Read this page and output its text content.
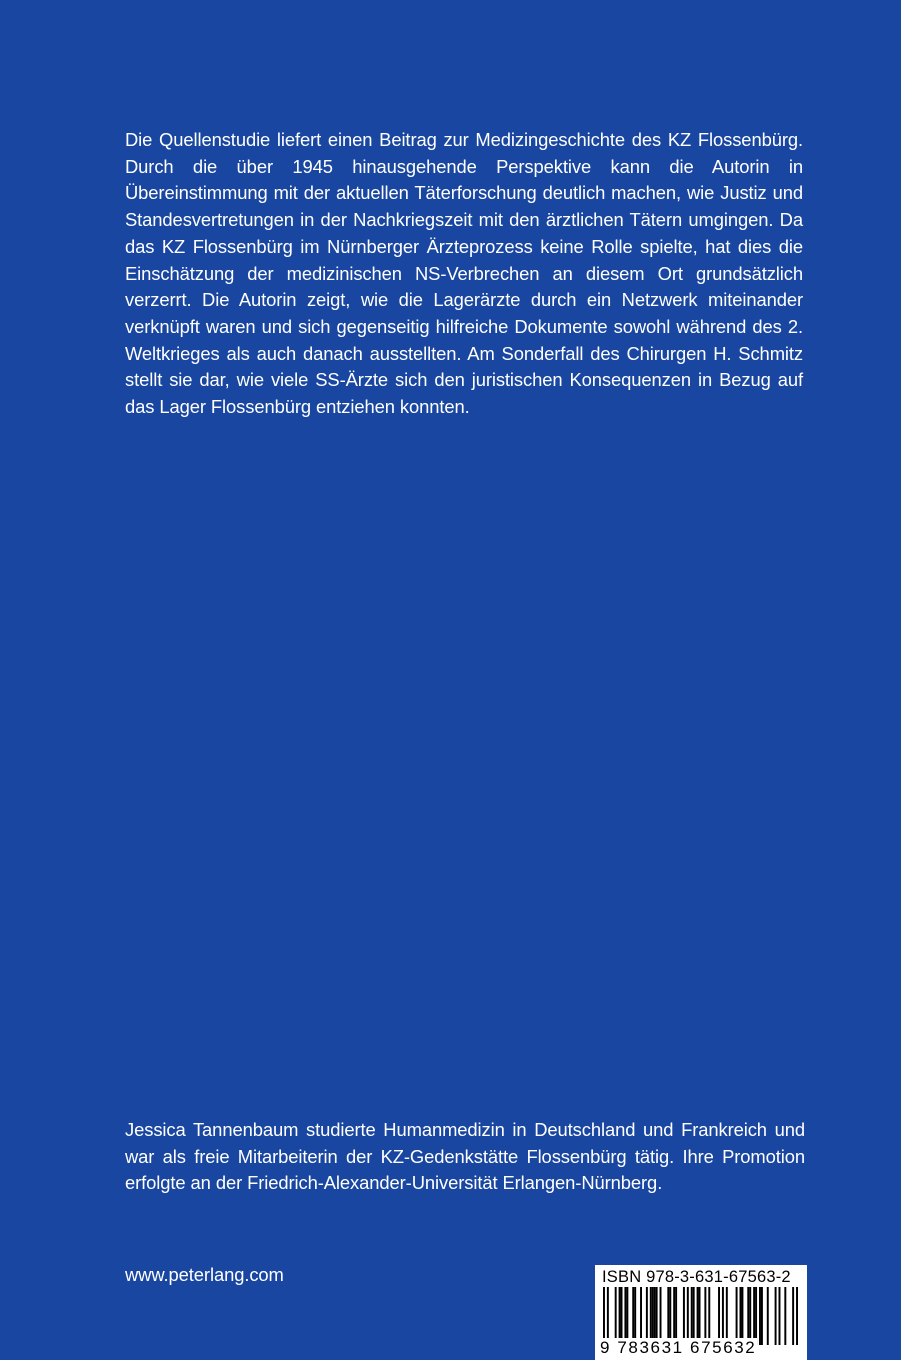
Die Quellenstudie liefert einen Beitrag zur Medizingeschichte des KZ Flossenbürg. Durch die über 1945 hinausgehende Perspektive kann die Autorin in Übereinstimmung mit der aktuellen Täterforschung deutlich machen, wie Justiz und Standesvertretungen in der Nachkriegszeit mit den ärztlichen Tätern umgingen. Da das KZ Flossenbürg im Nürnberger Ärzteprozess keine Rolle spielte, hat dies die Einschätzung der medizinischen NS-Verbrechen an diesem Ort grundsätzlich verzerrt. Die Autorin zeigt, wie die Lagerärzte durch ein Netzwerk miteinander verknüpft waren und sich gegenseitig hilfreiche Dokumente sowohl während des 2. Weltkrieges als auch danach ausstellten. Am Sonderfall des Chirurgen H. Schmitz stellt sie dar, wie viele SS-Ärzte sich den juristischen Konsequenzen in Bezug auf das Lager Flossenbürg entziehen konnten.

Jessica Tannenbaum studierte Humanmedizin in Deutschland und Frankreich und war als freie Mitarbeiterin der KZ-Gedenkstätte Flossenbürg tätig. Ihre Promotion erfolgte an der Friedrich-Alexander-Universität Erlangen-Nürnberg.

www.peterlang.com	ISBN 978-3-631-67563-2
9 783631 675632
